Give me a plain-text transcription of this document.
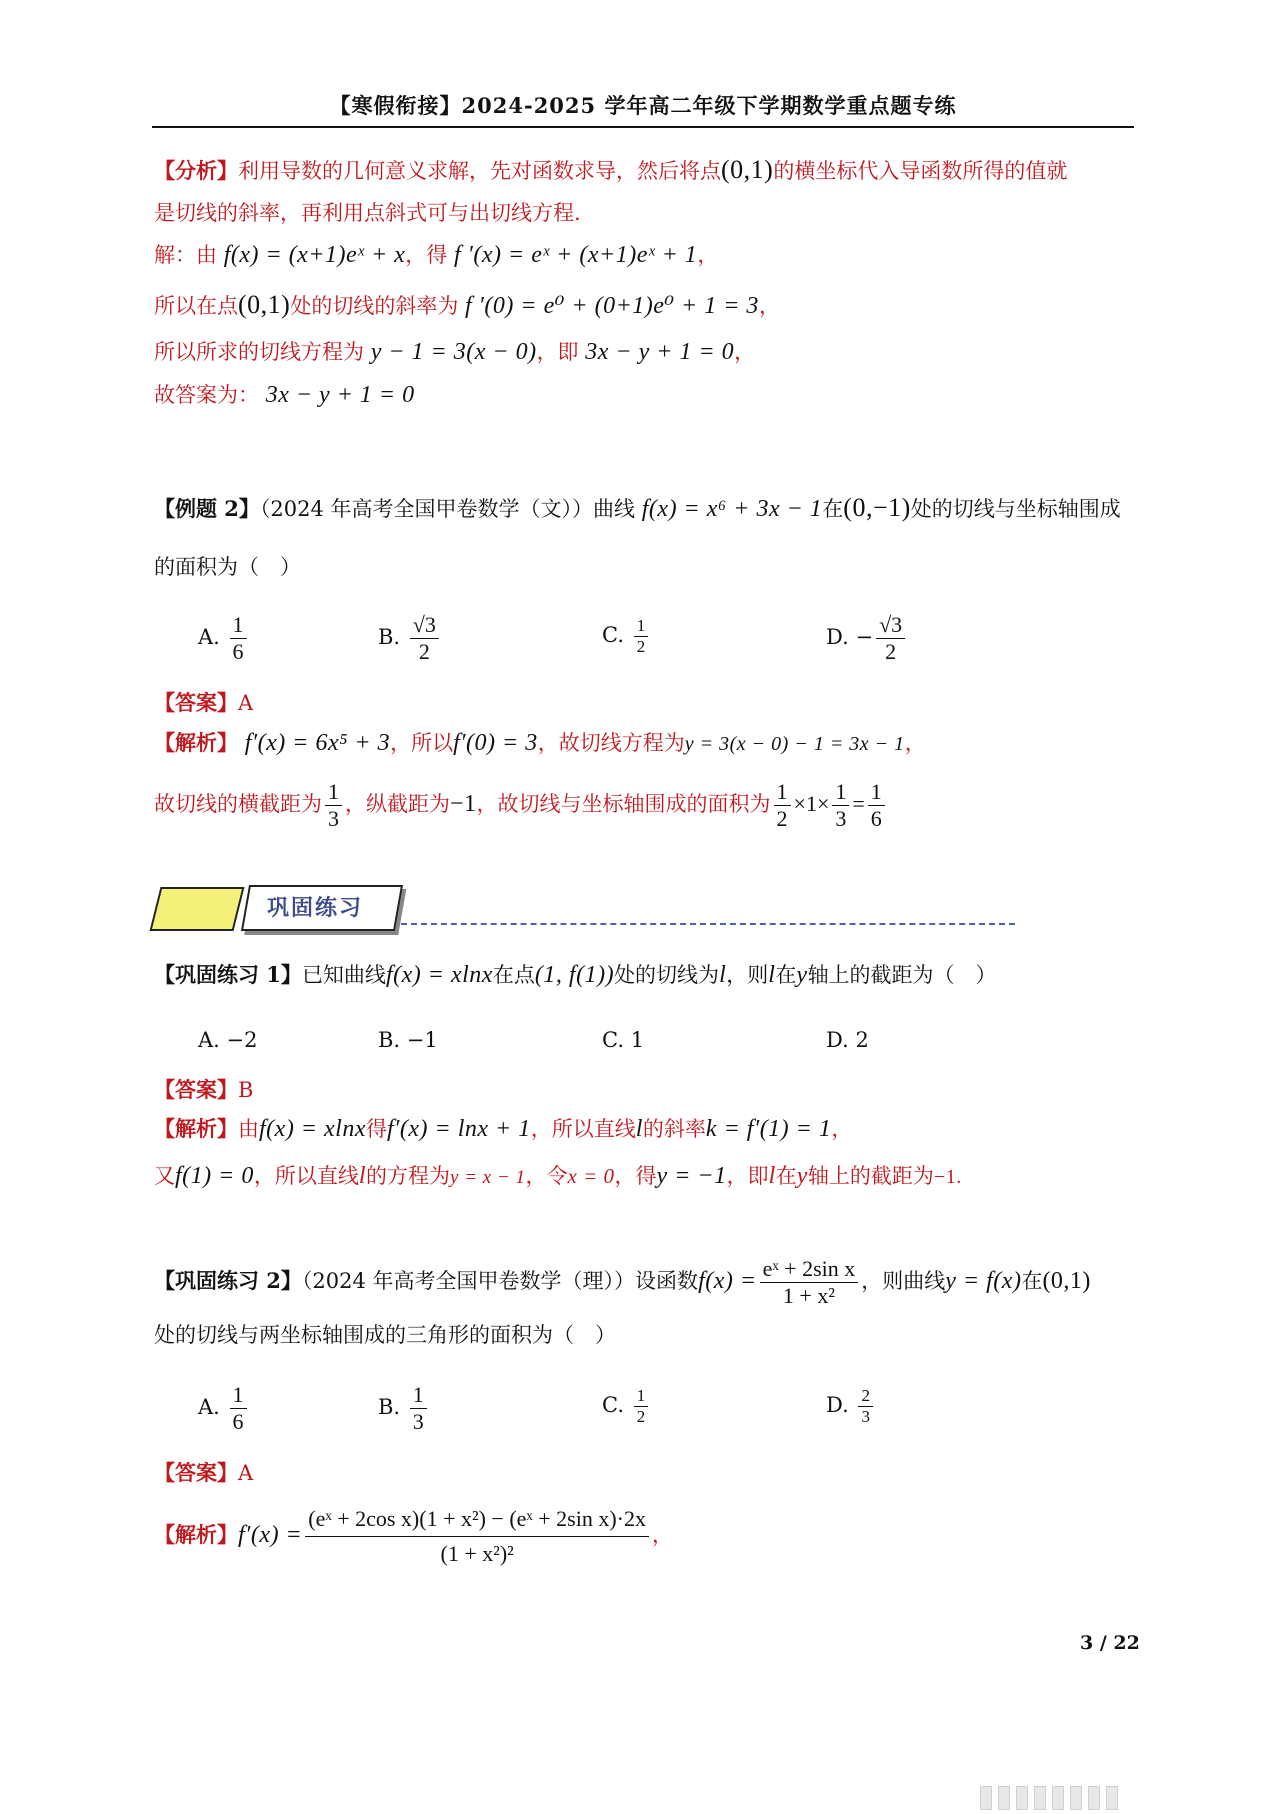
【寒假衔接】2024-2025 学年高二年级下学期数学重点题专练
【分析】利用导数的几何意义求解，先对函数求导，然后将点(0,1)的横坐标代入导函数所得的值就
是切线的斜率，再利用点斜式可与出切线方程.
解：由 f(x) = (x+1)eˣ + x，得 f ′(x) = eˣ + (x+1)eˣ + 1，
所以在点(0,1)处的切线的斜率为 f ′(0) = e⁰ + (0+1)e⁰ + 1 = 3，
所以所求的切线方程为 y − 1 = 3(x − 0)，即 3x − y + 1 = 0，
故答案为： 3x − y + 1 = 0
【例题 2】（2024 年高考全国甲卷数学（文））曲线 f(x) = x⁶ + 3x − 1在(0,−1)处的切线与坐标轴围成
的面积为（　）
A. $\frac{1}{6}$	B. $\frac{√3}{2}$	C. $\frac{1}{2}$	D. − $\frac{√3}{2}$
【答案】A
【解析】 f′(x) = 6x⁵ + 3，所以f′(0) = 3，故切线方程为y = 3(x − 0) − 1 = 3x − 1，
故切线的横截距为 $\frac{1}{3}$ ，纵截距为−1，故切线与坐标轴围成的面积为 $\frac{1}{2} \times 1\times \frac{1}{3} = \frac{1}{6}$
巩固练习
【巩固练习 1】已知曲线f(x) = xlnx在点(1, f(1))处的切线为l，则l在y轴上的截距为（　）
A. −2	B. −1	C. 1	D. 2
【答案】B
【解析】由f(x) = xlnx得f′(x) = lnx + 1，所以直线l的斜率k = f′(1) = 1，
又f(1) = 0，所以直线l的方程为y = x − 1，令x = 0，得y = −1，即l在y轴上的截距为−1.
【巩固练习 2】（2024 年高考全国甲卷数学（理））设函数$f(x) = \frac{\text{eˣ + 2sin x}}{\text{1 + x²}}$ ，则曲线y = f(x)在(0,1)
处的切线与两坐标轴围成的三角形的面积为（　）
A. $\frac{1}{6}$	B. $\frac{1}{3}$	C. $\frac{1}{2}$	D. $\frac{2}{3}$
【答案】A
【解析】$f'(x) = \frac{\text{(eˣ + 2cos x)(1 + x²) − (eˣ + 2sin x)·2x}}{\text{(1 + x²)²}}$ ，
3 / 22
